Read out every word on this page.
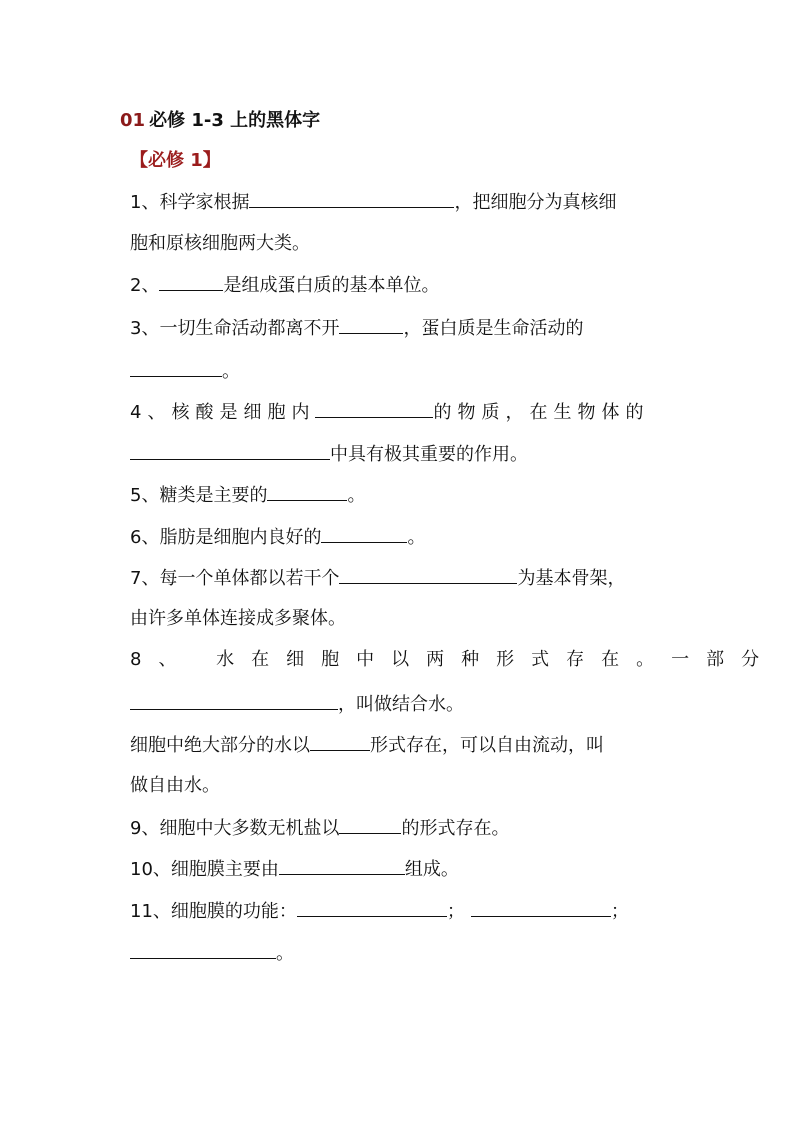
01 必修 1-3 上的黑体字
【必修 1】
1、科学家根据	，把细胞分为真核细
胞和原核细胞两大类。
2、	是组成蛋白质的基本单位。
3、一切生命活动都离不开	，蛋白质是生命活动的
。
4、核酸是细胞内	的物质，在生物体的
中具有极其重要的作用。
5、糖类是主要的	。
6、脂肪是细胞内良好的	。
7、每一个单体都以若干个	为基本骨架，
由许多单体连接成多聚体。
8、 水在细胞中以两种形式存在。一部分
，叫做结合水。
细胞中绝大部分的水以	形式存在，可以自由流动，叫
做自由水。
9、细胞中大多数无机盐以	的形式存在。
10、细胞膜主要由	组成。
11、细胞膜的功能：	；	；
。
